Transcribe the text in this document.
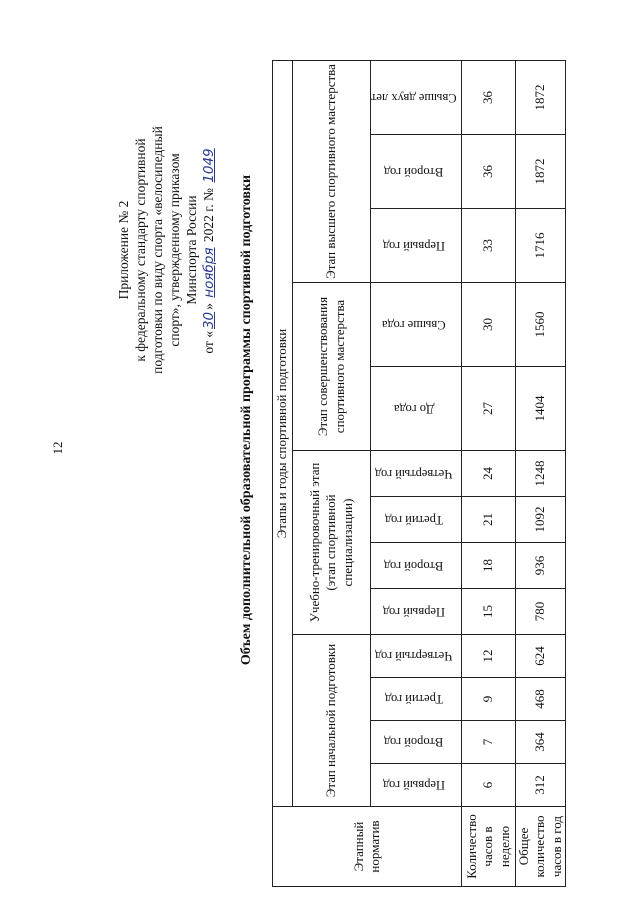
12
Приложение № 2 к федеральному стандарту спортивной подготовки по виду спорта «велосипедный спорт», утвержденному приказом Минспорта России
от «30» ноября 2022 г. № 1049
Объем дополнительной образовательной программы спортивной подготовки
Этапный норматив	Этапы и годы спортивной подготовки												
	Этап начальной подготовки				Учебно-тренировочный этап (этап спортивной специализации)				Этап совершенствования спортивного мастерства		Этап высшего спортивного мастерства		
	Первый год	Второй год	Третий год	Четвертый год	Первый год	Второй год	Третий год	Четвертый год	До года	Свыше года	Первый год	Второй год	Свыше двух лет
Количество часов в неделю	6	7	9	12	15	18	21	24	27	30	33	36	36
Общее количество часов в год	312	364	468	624	780	936	1092	1248	1404	1560	1716	1872	1872
